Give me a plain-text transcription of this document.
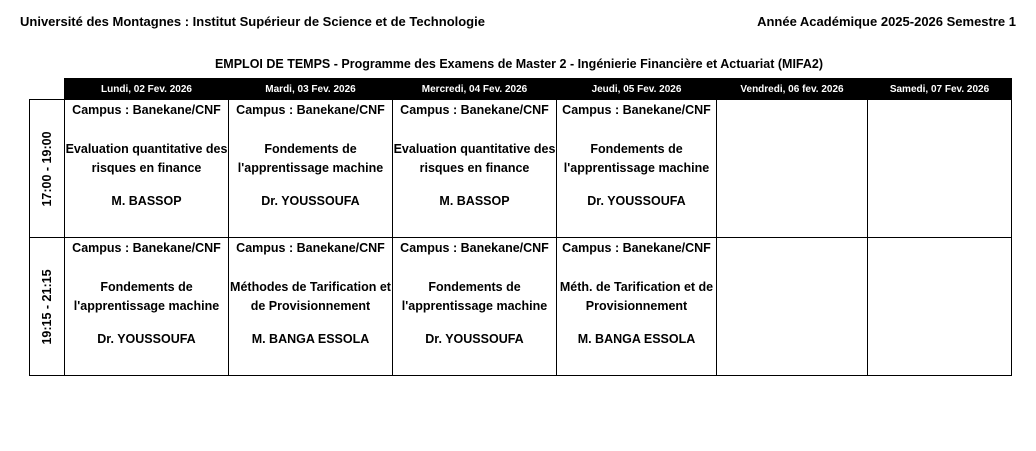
Université des Montagnes : Institut Supérieur de Science et de Technologie	Année Académique 2025-2026 Semestre 1
EMPLOI DE TEMPS - Programme des Examens de Master 2 - Ingénierie Financière et Actuariat (MIFA2)
	Lundi, 02 Fev. 2026	Mardi, 03 Fev. 2026	Mercredi, 04 Fev. 2026	Jeudi, 05 Fev. 2026	Vendredi, 06 fev. 2026	Samedi, 07 Fev. 2026

17:00 - 19:00	Campus : Banekane/CNF
Evaluation quantitative des risques en finance
M. BASSOP	Campus : Banekane/CNF
Fondements de l'apprentissage machine
Dr. YOUSSOUFA	Campus : Banekane/CNF
Evaluation quantitative des risques en finance
M. BASSOP	Campus : Banekane/CNF
Fondements de l'apprentissage machine
Dr. YOUSSOUFA		

19:15 - 21:15	Campus : Banekane/CNF
Fondements de l'apprentissage machine
Dr. YOUSSOUFA	Campus : Banekane/CNF
Méthodes de Tarification et de Provisionnement
M. BANGA ESSOLA	Campus : Banekane/CNF
Fondements de l'apprentissage machine
Dr. YOUSSOUFA	Campus : Banekane/CNF
Méth. de Tarification et de Provisionnement
M. BANGA ESSOLA		
